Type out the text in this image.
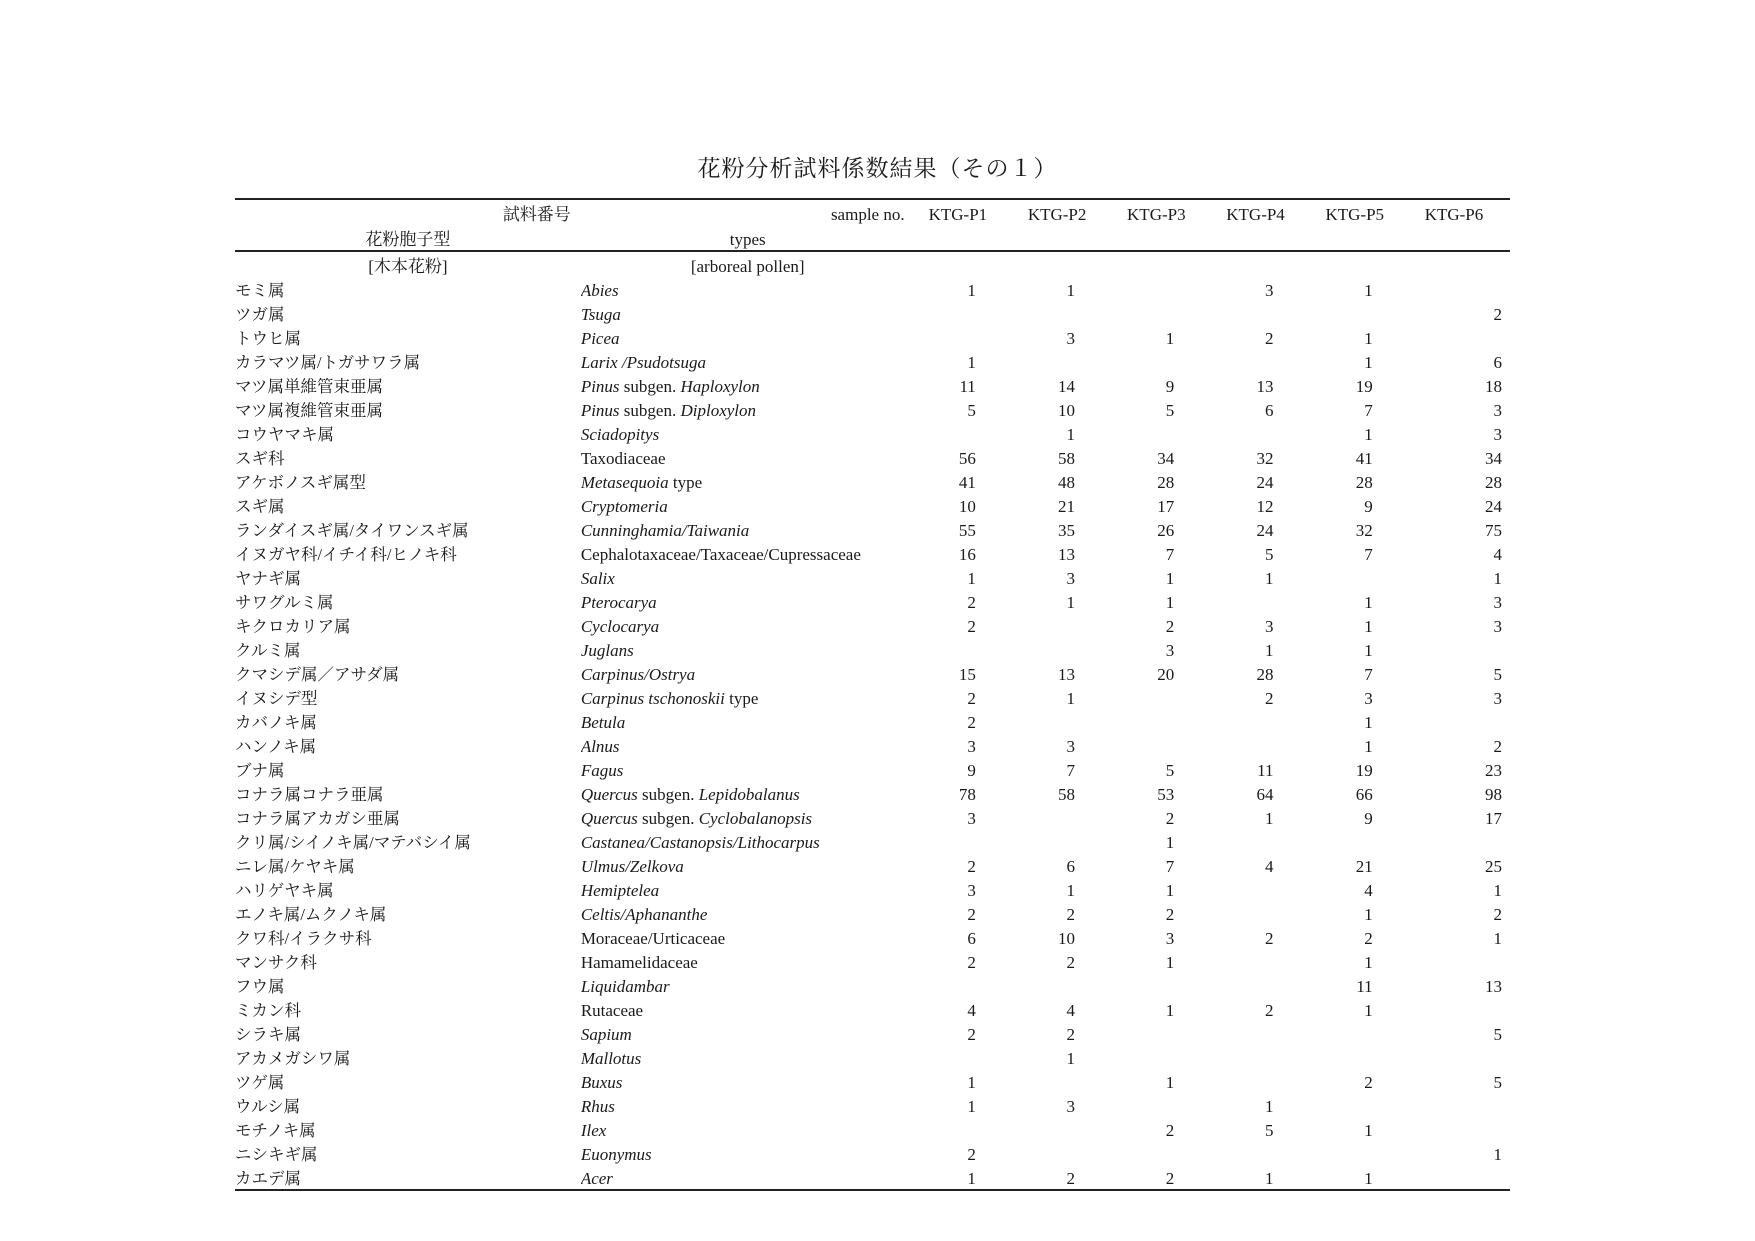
花粉分析試料係数結果（その１）
試料番号	sample no.	KTG-P1	KTG-P2	KTG-P3	KTG-P4	KTG-P5	KTG-P6
花粉胞子型	types						
[木本花粉]	[arboreal pollen]						
モミ属	Abies	1	1		3	1	
ツガ属	Tsuga						2
トウヒ属	Picea		3	1	2	1	
カラマツ属/トガサワラ属	Larix /Psudotsuga	1				1	6
マツ属単維管束亜属	Pinus subgen. Haploxylon	11	14	9	13	19	18
マツ属複維管束亜属	Pinus subgen. Diploxylon	5	10	5	6	7	3
コウヤマキ属	Sciadopitys		1			1	3
スギ科	Taxodiaceae	56	58	34	32	41	34
アケボノスギ属型	Metasequoia type	41	48	28	24	28	28
スギ属	Cryptomeria	10	21	17	12	9	24
ランダイスギ属/タイワンスギ属	Cunninghamia/Taiwania	55	35	26	24	32	75
イヌガヤ科/イチイ科/ヒノキ科	Cephalotaxaceae/Taxaceae/Cupressaceae	16	13	7	5	7	4
ヤナギ属	Salix	1	3	1	1		1
サワグルミ属	Pterocarya	2	1	1		1	3
キクロカリア属	Cyclocarya	2		2	3	1	3
クルミ属	Juglans			3	1	1	
クマシデ属／アサダ属	Carpinus/Ostrya	15	13	20	28	7	5
イヌシデ型	Carpinus tschonoskii type	2	1		2	3	3
カバノキ属	Betula	2				1	
ハンノキ属	Alnus	3	3			1	2
ブナ属	Fagus	9	7	5	11	19	23
コナラ属コナラ亜属	Quercus subgen. Lepidobalanus	78	58	53	64	66	98
コナラ属アカガシ亜属	Quercus subgen. Cyclobalanopsis	3		2	1	9	17
クリ属/シイノキ属/マテバシイ属	Castanea/Castanopsis/Lithocarpus			1			
ニレ属/ケヤキ属	Ulmus/Zelkova	2	6	7	4	21	25
ハリゲヤキ属	Hemiptelea	3	1	1		4	1
エノキ属/ムクノキ属	Celtis/Aphananthe	2	2	2		1	2
クワ科/イラクサ科	Moraceae/Urticaceae	6	10	3	2	2	1
マンサク科	Hamamelidaceae	2	2	1		1	
フウ属	Liquidambar					11	13
ミカン科	Rutaceae	4	4	1	2	1	
シラキ属	Sapium	2	2				5
アカメガシワ属	Mallotus		1				
ツゲ属	Buxus	1		1		2	5
ウルシ属	Rhus	1	3		1		
モチノキ属	Ilex			2	5	1	
ニシキギ属	Euonymus	2					1
カエデ属	Acer	1	2	2	1	1	
